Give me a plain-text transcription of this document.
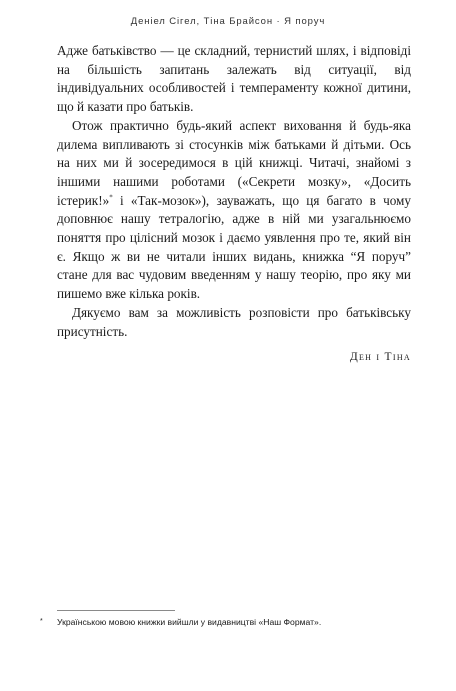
Деніел Сігел, Тіна Брайсон · Я поруч

Адже батьківство — це складний, тернистий шлях, і відповіді на більшість запитань залежать від ситуації, від індивідуальних особливостей і темпераменту кожної дитини, що й казати про батьків.

Отож практично будь-який аспект виховання й будь-яка дилема випливають зі стосунків між батьками й дітьми. Ось на них ми й зосередимося в цій книжці. Читачі, знайомі з іншими нашими роботами («Секрети мозку», «Досить істерик!»* і «Так-мозок»), зауважать, що ця багато в чому доповнює нашу тетралогію, адже в ній ми узагальнюємо поняття про цілісний мозок і даємо уявлення про те, який він є. Якщо ж ви не читали інших видань, книжка “Я поруч” стане для вас чудовим введенням у нашу теорію, про яку ми пишемо вже кілька років.

Дякуємо вам за можливість розповісти про батьківську присутність.

Ден і Тіна
* Українською мовою книжки вийшли у видавництві «Наш Формат».
